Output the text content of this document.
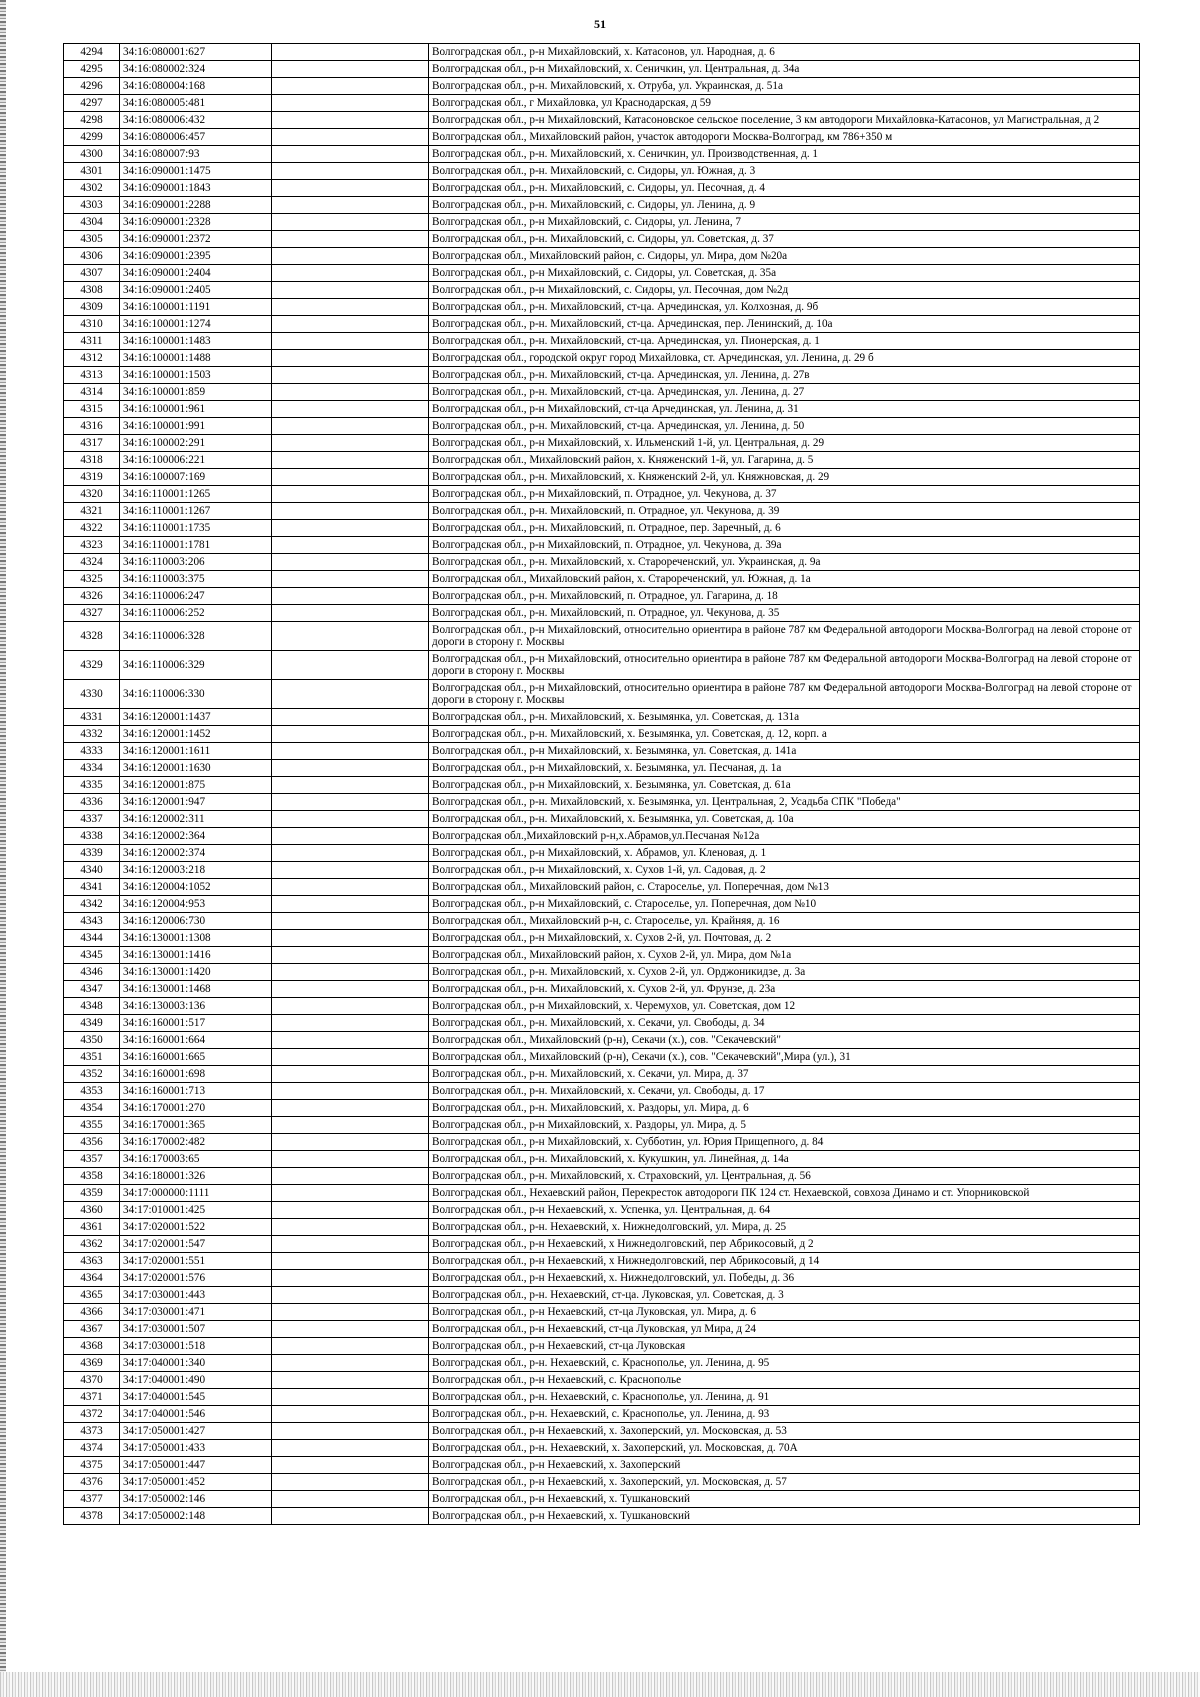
51
4294	34:16:080001:627		Волгоградская обл., р-н Михайловский, х. Катасонов, ул. Народная, д. 6
4295	34:16:080002:324		Волгоградская обл., р-н Михайловский, х. Сеничкин, ул. Центральная, д. 34а
4296	34:16:080004:168		Волгоградская обл., р-н. Михайловский, х. Отруба, ул. Украинская, д. 51а
4297	34:16:080005:481		Волгоградская обл., г Михайловка, ул Краснодарская, д 59
4298	34:16:080006:432		Волгоградская обл., р-н Михайловский, Катасоновское сельское поселение, 3 км автодороги Михайловка-Катасонов, ул Магистральная, д 2
4299	34:16:080006:457		Волгоградская обл., Михайловский район, участок автодороги Москва-Волгоград, км 786+350 м
4300	34:16:080007:93		Волгоградская обл., р-н. Михайловский, х. Сеничкин, ул. Производственная, д. 1
4301	34:16:090001:1475		Волгоградская обл., р-н. Михайловский, с. Сидоры, ул. Южная, д. 3
4302	34:16:090001:1843		Волгоградская обл., р-н. Михайловский, с. Сидоры, ул. Песочная, д. 4
4303	34:16:090001:2288		Волгоградская обл., р-н. Михайловский, с. Сидоры, ул. Ленина, д. 9
4304	34:16:090001:2328		Волгоградская обл., р-н Михайловский, с. Сидоры, ул. Ленина, 7
4305	34:16:090001:2372		Волгоградская обл., р-н. Михайловский, с. Сидоры, ул. Советская, д. 37
4306	34:16:090001:2395		Волгоградская обл., Михайловский район, с. Сидоры, ул. Мира, дом №20а
4307	34:16:090001:2404		Волгоградская обл., р-н Михайловский, с. Сидоры, ул. Советская, д. 35а
4308	34:16:090001:2405		Волгоградская обл., р-н Михайловский, с. Сидоры, ул. Песочная, дом №2д
4309	34:16:100001:1191		Волгоградская обл., р-н. Михайловский, ст-ца. Арчединская, ул. Колхозная, д. 9б
4310	34:16:100001:1274		Волгоградская обл., р-н. Михайловский, ст-ца. Арчединская, пер. Ленинский, д. 10а
4311	34:16:100001:1483		Волгоградская обл., р-н. Михайловский, ст-ца. Арчединская, ул. Пионерская, д. 1
4312	34:16:100001:1488		Волгоградская обл., городской округ город Михайловка, ст. Арчединская, ул. Ленина, д. 29 б
4313	34:16:100001:1503		Волгоградская обл., р-н. Михайловский, ст-ца. Арчединская, ул. Ленина, д. 27в
4314	34:16:100001:859		Волгоградская обл., р-н. Михайловский, ст-ца. Арчединская, ул. Ленина, д. 27
4315	34:16:100001:961		Волгоградская обл., р-н Михайловский, ст-ца Арчединская, ул. Ленина, д. 31
4316	34:16:100001:991		Волгоградская обл., р-н. Михайловский, ст-ца. Арчединская, ул. Ленина, д. 50
4317	34:16:100002:291		Волгоградская обл., р-н Михайловский, х. Ильменский 1-й, ул. Центральная, д. 29
4318	34:16:100006:221		Волгоградская обл., Михайловский район, х. Княженский 1-й, ул. Гагарина, д. 5
4319	34:16:100007:169		Волгоградская обл., р-н. Михайловский, х. Княженский 2-й, ул. Княжновская, д. 29
4320	34:16:110001:1265		Волгоградская обл., р-н Михайловский, п. Отрадное, ул. Чекунова, д. 37
4321	34:16:110001:1267		Волгоградская обл., р-н. Михайловский, п. Отрадное, ул. Чекунова, д. 39
4322	34:16:110001:1735		Волгоградская обл., р-н. Михайловский, п. Отрадное, пер. Заречный, д. 6
4323	34:16:110001:1781		Волгоградская обл., р-н Михайловский, п. Отрадное, ул. Чекунова, д. 39а
4324	34:16:110003:206		Волгоградская обл., р-н. Михайловский, х. Старореченский, ул. Украинская, д. 9а
4325	34:16:110003:375		Волгоградская обл., Михайловский район, х. Старореченский, ул. Южная, д. 1а
4326	34:16:110006:247		Волгоградская обл., р-н. Михайловский, п. Отрадное, ул. Гагарина, д. 18
4327	34:16:110006:252		Волгоградская обл., р-н. Михайловский, п. Отрадное, ул. Чекунова, д. 35
4328	34:16:110006:328		Волгоградская обл., р-н Михайловский, относительно ориентира в районе 787 км Федеральной автодороги Москва-Волгоград на левой стороне от дороги в сторону г. Москвы
4329	34:16:110006:329		Волгоградская обл., р-н Михайловский, относительно ориентира в районе 787 км Федеральной автодороги Москва-Волгоград на левой стороне от дороги в сторону г. Москвы
4330	34:16:110006:330		Волгоградская обл., р-н Михайловский, относительно ориентира в районе 787 км Федеральной автодороги Москва-Волгоград на левой стороне от дороги в сторону г. Москвы
4331	34:16:120001:1437		Волгоградская обл., р-н. Михайловский, х. Безымянка, ул. Советская, д. 131а
4332	34:16:120001:1452		Волгоградская обл., р-н. Михайловский, х. Безымянка, ул. Советская, д. 12, корп. а
4333	34:16:120001:1611		Волгоградская обл., р-н Михайловский, х. Безымянка, ул. Советская, д. 141а
4334	34:16:120001:1630		Волгоградская обл., р-н Михайловский, х. Безымянка, ул. Песчаная, д. 1а
4335	34:16:120001:875		Волгоградская обл., р-н Михайловский, х. Безымянка, ул. Советская, д. 61а
4336	34:16:120001:947		Волгоградская обл., р-н. Михайловский, х. Безымянка, ул. Центральная, 2, Усадьба СПК "Победа"
4337	34:16:120002:311		Волгоградская обл., р-н. Михайловский, х. Безымянка, ул. Советская, д. 10а
4338	34:16:120002:364		Волгоградская обл.,Михайловский р-н,х.Абрамов,ул.Песчаная №12а
4339	34:16:120002:374		Волгоградская обл., р-н Михайловский, х. Абрамов, ул. Кленовая, д. 1
4340	34:16:120003:218		Волгоградская обл., р-н Михайловский, х. Сухов 1-й, ул. Садовая, д. 2
4341	34:16:120004:1052		Волгоградская обл., Михайловский район, с. Старосельe, ул. Поперечная, дом №13
4342	34:16:120004:953		Волгоградская обл., р-н Михайловский, с. Староселье, ул. Поперечная, дом №10
4343	34:16:120006:730		Волгоградская обл., Михайловский р-н, с. Староселье, ул. Крайняя, д. 16
4344	34:16:130001:1308		Волгоградская обл., р-н Михайловский, х. Сухов 2-й, ул. Почтовая, д. 2
4345	34:16:130001:1416		Волгоградская обл., Михайловский район, х. Сухов 2-й, ул. Мира, дом №1а
4346	34:16:130001:1420		Волгоградская обл., р-н. Михайловский, х. Сухов 2-й, ул. Орджоникидзе, д. 3а
4347	34:16:130001:1468		Волгоградская обл., р-н. Михайловский, х. Сухов 2-й, ул. Фрунзе, д. 23а
4348	34:16:130003:136		Волгоградская обл., р-н Михайловский, х. Черемухов, ул. Советская, дом 12
4349	34:16:160001:517		Волгоградская обл., р-н. Михайловский, х. Секачи, ул. Свободы, д. 34
4350	34:16:160001:664		Волгоградская обл., Михайловский (р-н), Секачи (х.), сов. "Секачевский"
4351	34:16:160001:665		Волгоградская обл., Михайловский (р-н), Секачи (х.), сов. "Секачевский",Мира (ул.), 31
4352	34:16:160001:698		Волгоградская обл., р-н. Михайловский, х. Секачи, ул. Мира, д. 37
4353	34:16:160001:713		Волгоградская обл., р-н. Михайловский, х. Секачи, ул. Свободы, д. 17
4354	34:16:170001:270		Волгоградская обл., р-н. Михайловский, х. Раздоры, ул. Мира, д. 6
4355	34:16:170001:365		Волгоградская обл., р-н Михайловский, х. Раздоры, ул. Мира, д. 5
4356	34:16:170002:482		Волгоградская обл., р-н Михайловский, х. Субботин, ул. Юрия Прищепного, д. 84
4357	34:16:170003:65		Волгоградская обл., р-н. Михайловский, х. Кукушкин, ул. Линейная, д. 14а
4358	34:16:180001:326		Волгоградская обл., р-н. Михайловский, х. Страховский, ул. Центральная, д. 56
4359	34:17:000000:1111		Волгоградская обл., Нехаевский район, Перекресток автодороги ПК 124 ст. Нехаевской, совхоза Динамо и ст. Упорниковской
4360	34:17:010001:425		Волгоградская обл., р-н Нехаевский, х. Успенка, ул. Центральная, д. 64
4361	34:17:020001:522		Волгоградская обл., р-н. Нехаевский, х. Нижнедолговский, ул. Мира, д. 25
4362	34:17:020001:547		Волгоградская обл., р-н Нехаевский, х Нижнедолговский, пер Абрикосовый, д 2
4363	34:17:020001:551		Волгоградская обл., р-н Нехаевский, х Нижнедолговский, пер Абрикосовый, д 14
4364	34:17:020001:576		Волгоградская обл., р-н Нехаевский, х. Нижнедолговский, ул. Победы, д. 36
4365	34:17:030001:443		Волгоградская обл., р-н. Нехаевский, ст-ца. Луковская, ул. Советская, д. 3
4366	34:17:030001:471		Волгоградская обл., р-н Нехаевский, ст-ца Луковская, ул. Мира, д. 6
4367	34:17:030001:507		Волгоградская обл., р-н Нехаевский, ст-ца Луковская, ул Мира, д 24
4368	34:17:030001:518		Волгоградская обл., р-н Нехаевский, ст-ца Луковская
4369	34:17:040001:340		Волгоградская обл., р-н. Нехаевский, с. Краснополье, ул. Ленина, д. 95
4370	34:17:040001:490		Волгоградская обл., р-н Нехаевский, с. Краснополье
4371	34:17:040001:545		Волгоградская обл., р-н. Нехаевский, с. Краснополье, ул. Ленина, д. 91
4372	34:17:040001:546		Волгоградская обл., р-н. Нехаевский, с. Краснополье, ул. Ленина, д. 93
4373	34:17:050001:427		Волгоградская обл., р-н Нехаевский, х. Захоперский, ул. Московская, д. 53
4374	34:17:050001:433		Волгоградская обл., р-н. Нехаевский, х. Захоперский, ул. Московская, д. 70А
4375	34:17:050001:447		Волгоградская обл., р-н Нехаевский, х. Захоперский
4376	34:17:050001:452		Волгоградская обл., р-н Нехаевский, х. Захоперский, ул. Московская, д. 57
4377	34:17:050002:146		Волгоградская обл., р-н Нехаевский, х. Тушкановский
4378	34:17:050002:148		Волгоградская обл., р-н Нехаевский, х. Тушкановский
